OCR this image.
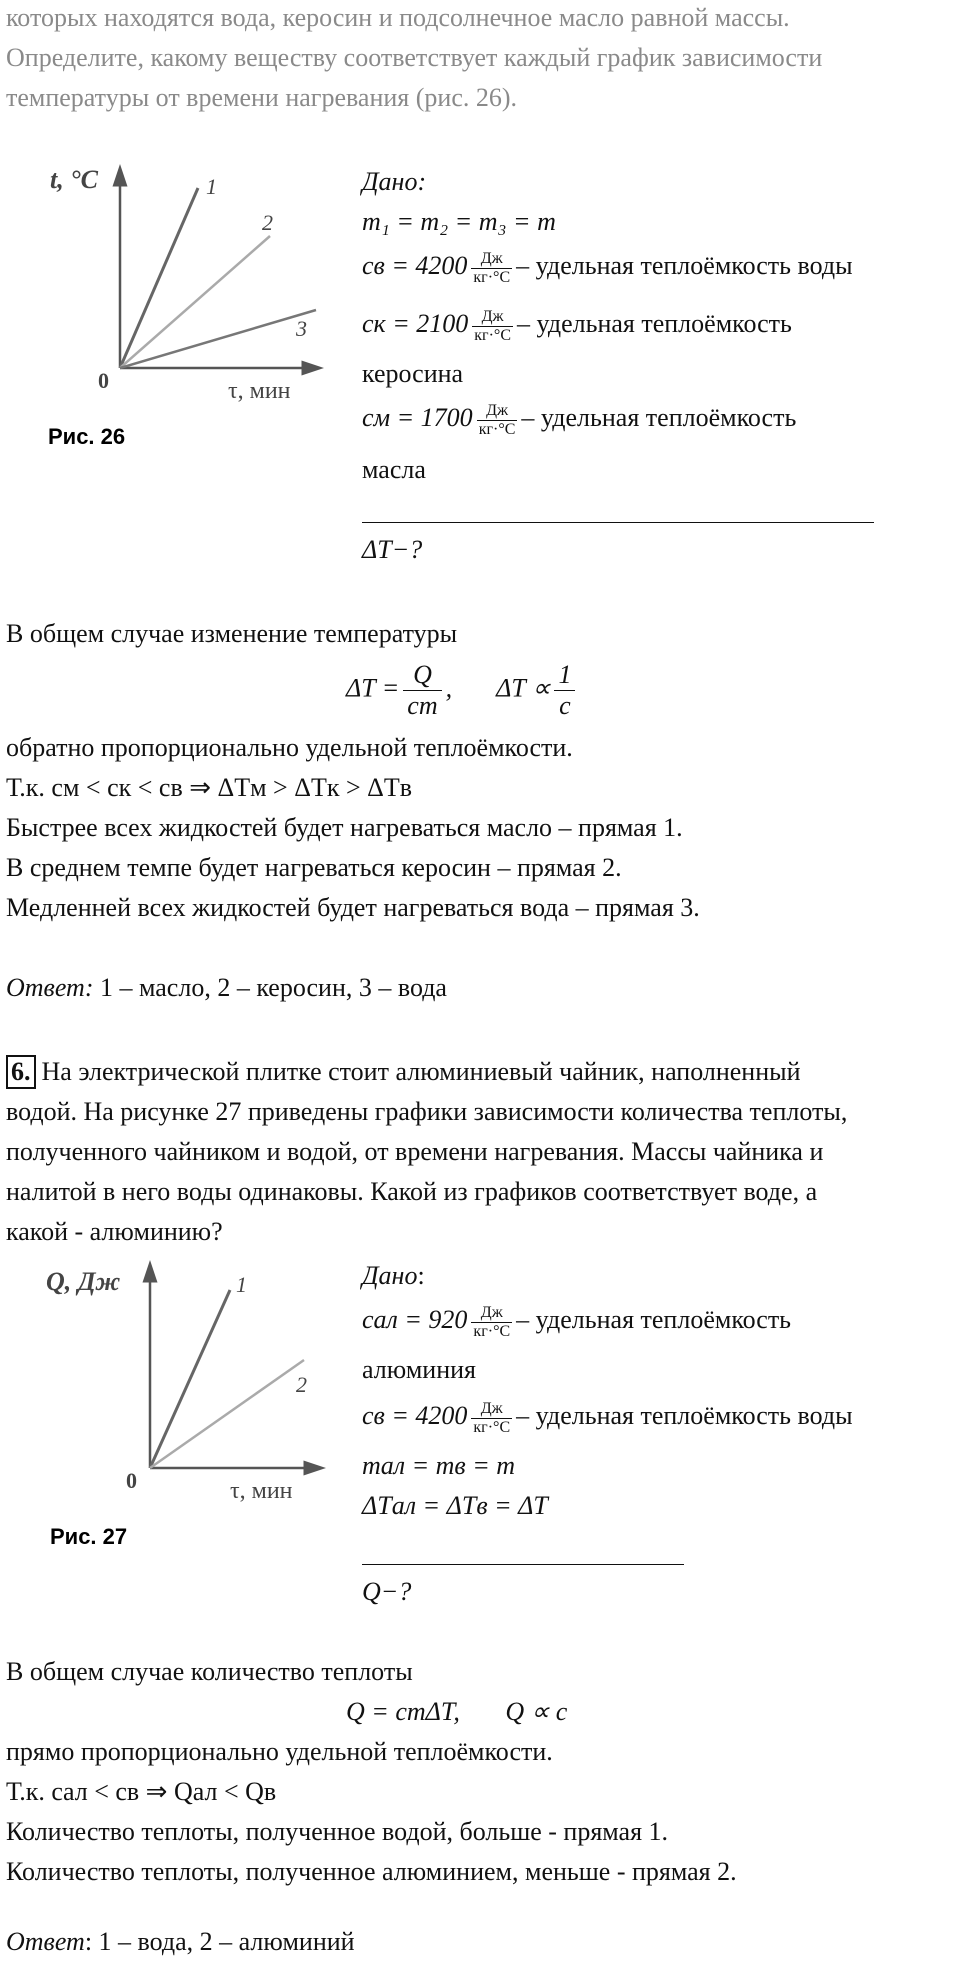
которых находятся вода, керосин и подсолнечное масло равной массы.
Определите, какому веществу соответствует каждый график зависимости
температуры от времени нагревания (рис. 26).
t, °C	1
2
3
0	τ, мин
Рис. 26
Дано:
m₁ = m₂ = m₃ = m
cв = $4200 \frac{Дж}{кг\cdot^\circ С}$ – удельная теплоёмкость воды
cк = $2100 \frac{Дж}{кг\cdot^\circ С}$ – удельная теплоёмкость
керосина
cм = $1700 \frac{Дж}{кг\cdot^\circ С}$ – удельная теплоёмкость
масла
ΔT−?
В общем случае изменение температуры
$\Delta T = \frac{Q}{cm}$ , $\Delta T \propto \frac{1}{c}$
обратно пропорционально удельной теплоёмкости.
Т.к. cм < cк < cв ⇒ ΔTм > ΔTк > ΔTв
Быстрее всех жидкостей будет нагреваться масло – прямая 1.
В среднем темпе будет нагреваться керосин – прямая 2.
Медленней всех жидкостей будет нагреваться вода – прямая 3.
Ответ: 1 – масло, 2 – керосин, 3 – вода
6. На электрической плитке стоит алюминиевый чайник, наполненный
водой. На рисунке 27 приведены графики зависимости количества теплоты,
полученного чайником и водой, от времени нагревания. Массы чайника и
налитой в него воды одинаковы. Какой из графиков соответствует воде, а
какой - алюминию?
Q, Дж	1
2
0	τ, мин
Рис. 27
Дано:
cал = $920 \frac{Дж}{кг\cdot^\circ С}$ – удельная теплоёмкость
алюминия
cв = $4200 \frac{Дж}{кг\cdot^\circ С}$ – удельная теплоёмкость воды
mал = mв = m
ΔTал = ΔTв = ΔT
Q−?
В общем случае количество теплоты
Q = cmΔT,       Q ∝ c
прямо пропорционально удельной теплоёмкости.
Т.к. cал < cв ⇒ Qал < Qв
Количество теплоты, полученное водой, больше - прямая 1.
Количество теплоты, полученное алюминием, меньше - прямая 2.
Ответ: 1 – вода, 2 – алюминий
